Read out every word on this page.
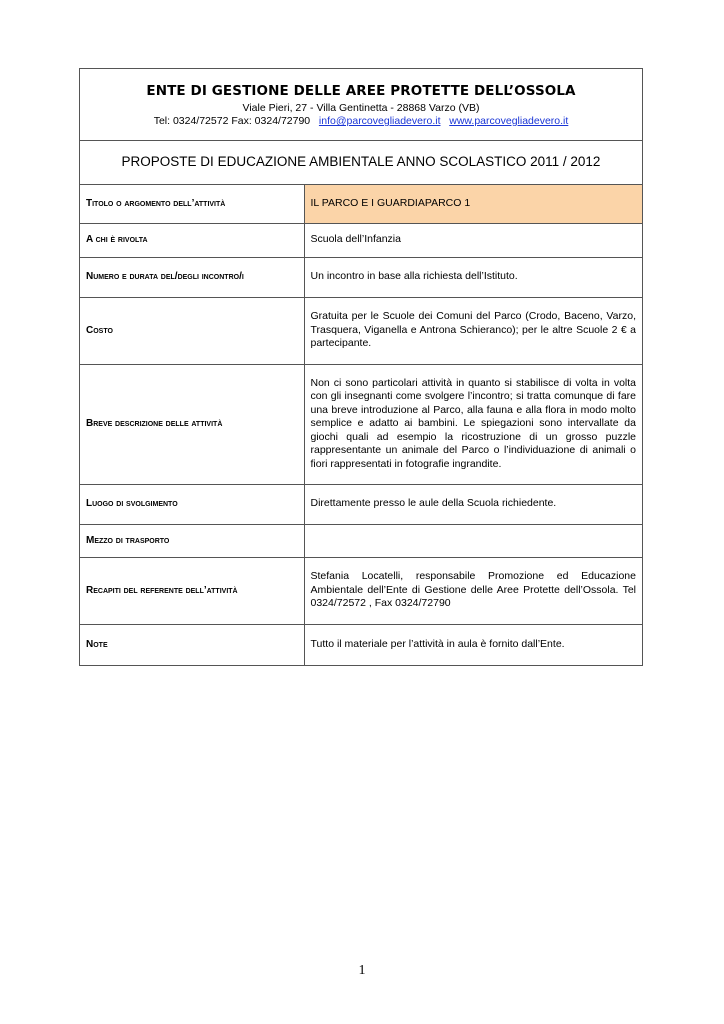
ENTE DI GESTIONE DELLE AREE PROTETTE DELL’OSSOLA
Viale Pieri, 27 - Villa Gentinetta - 28868 Varzo (VB)
Tel: 0324/72572 Fax: 0324/72790 info@parcovegliadevero.it www.parcovegliadevero.it
PROPOSTE DI EDUCAZIONE AMBIENTALE ANNO SCOLASTICO 2011 / 2012
Titolo o argomento dell’attività	IL PARCO E I GUARDIAPARCO 1
A chi è rivolta	Scuola dell’Infanzia
Numero e durata del/degli incontro/i	Un incontro in base alla richiesta dell’Istituto.
Costo	Gratuita per le Scuole dei Comuni del Parco (Crodo, Baceno, Varzo, Trasquera, Viganella e Antrona Schieranco); per le altre Scuole 2 € a partecipante.
Breve descrizione delle attività	Non ci sono particolari attività in quanto si stabilisce di volta in volta con gli insegnanti come svolgere l’incontro; si tratta comunque di fare una breve introduzione al Parco, alla fauna e alla flora in modo molto semplice e adatto ai bambini. Le spiegazioni sono intervallate da giochi quali ad esempio la ricostruzione di un grosso puzzle rappresentante un animale del Parco o l’individuazione di animali o fiori rappresentati in fotografie ingrandite.
Luogo di svolgimento	Direttamente presso le aule della Scuola richiedente.
Mezzo di trasporto	
Recapiti del referente dell’attività	Stefania Locatelli, responsabile Promozione ed Educazione Ambientale dell’Ente di Gestione delle Aree Protette dell’Ossola. Tel 0324/72572 , Fax 0324/72790
Note	Tutto il materiale per l’attività in aula è fornito dall’Ente.
1
